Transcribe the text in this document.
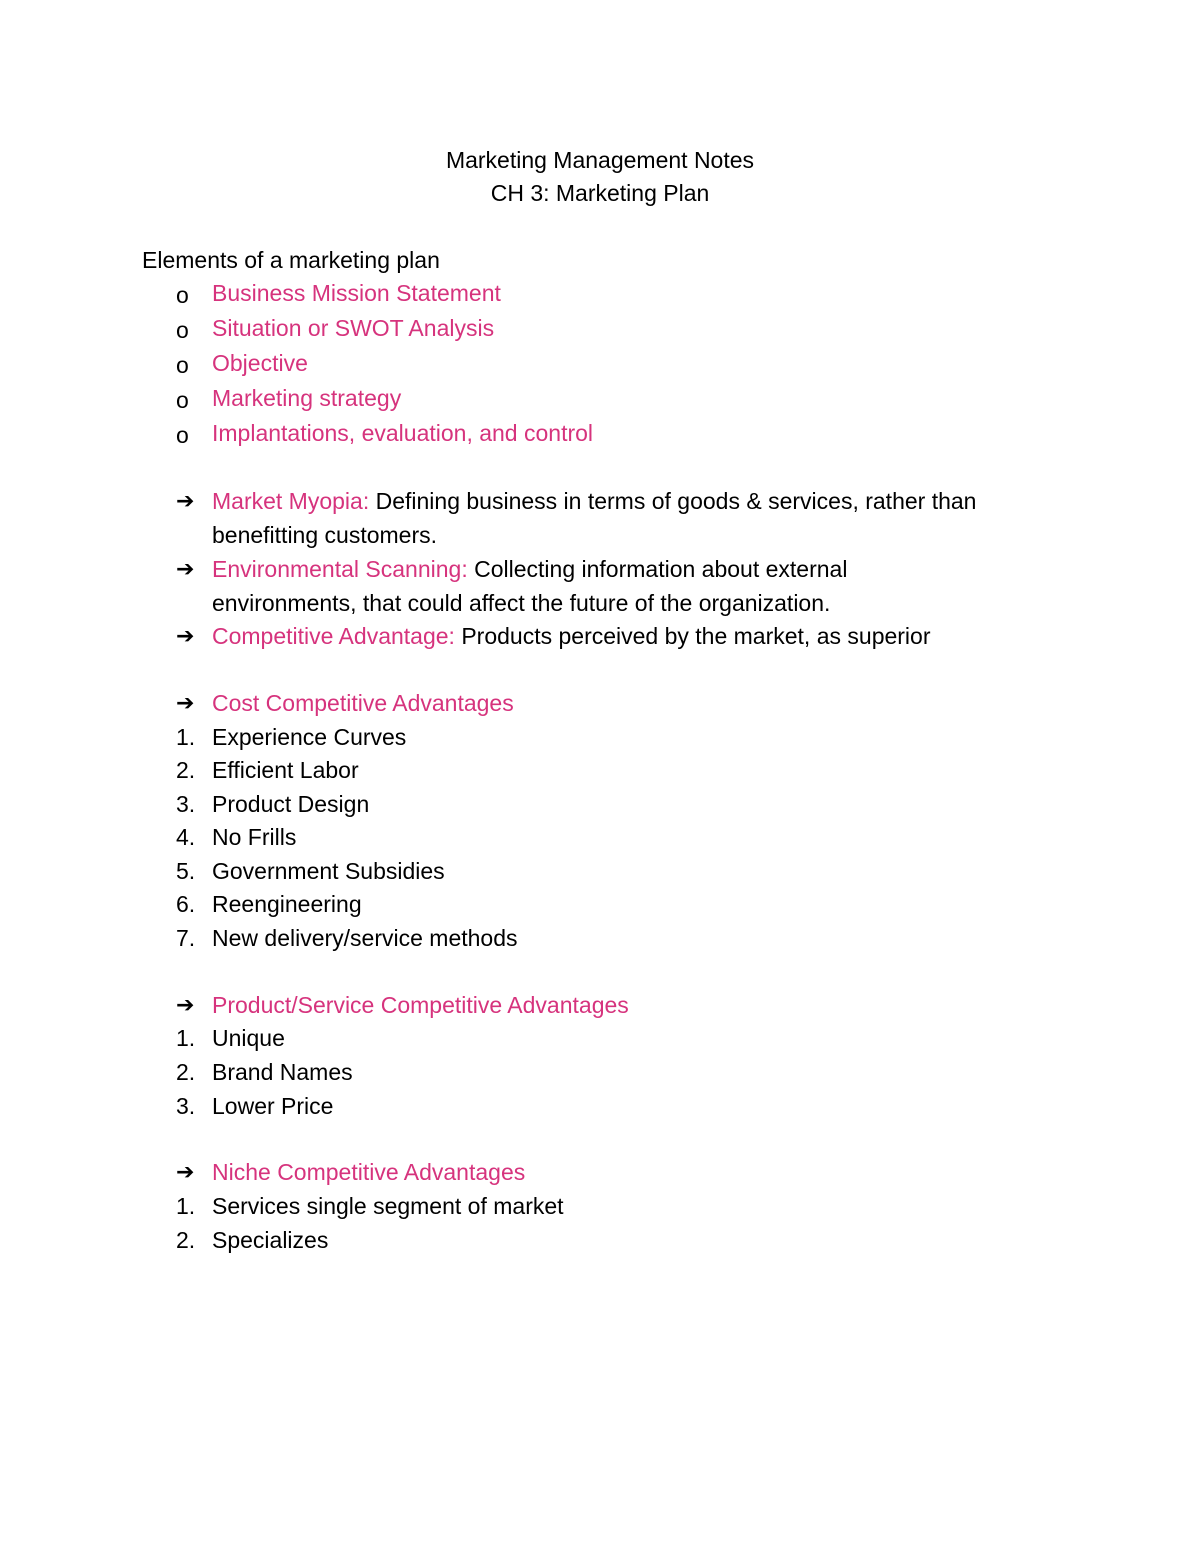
Marketing Management Notes
CH 3: Marketing Plan
Elements of a marketing plan
o Business Mission Statement
o Situation or SWOT Analysis
o Objective
o Marketing strategy
o Implantations, evaluation, and control
➔ Market Myopia: Defining business in terms of goods & services, rather than
benefitting customers.
➔ Environmental Scanning: Collecting information about external
environments, that could affect the future of the organization.
➔ Competitive Advantage: Products perceived by the market, as superior
➔ Cost Competitive Advantages
1. Experience Curves
2. Efficient Labor
3. Product Design
4. No Frills
5. Government Subsidies
6. Reengineering
7. New delivery/service methods
➔ Product/Service Competitive Advantages
1. Unique
2. Brand Names
3. Lower Price
➔ Niche Competitive Advantages
1. Services single segment of market
2. Specializes
